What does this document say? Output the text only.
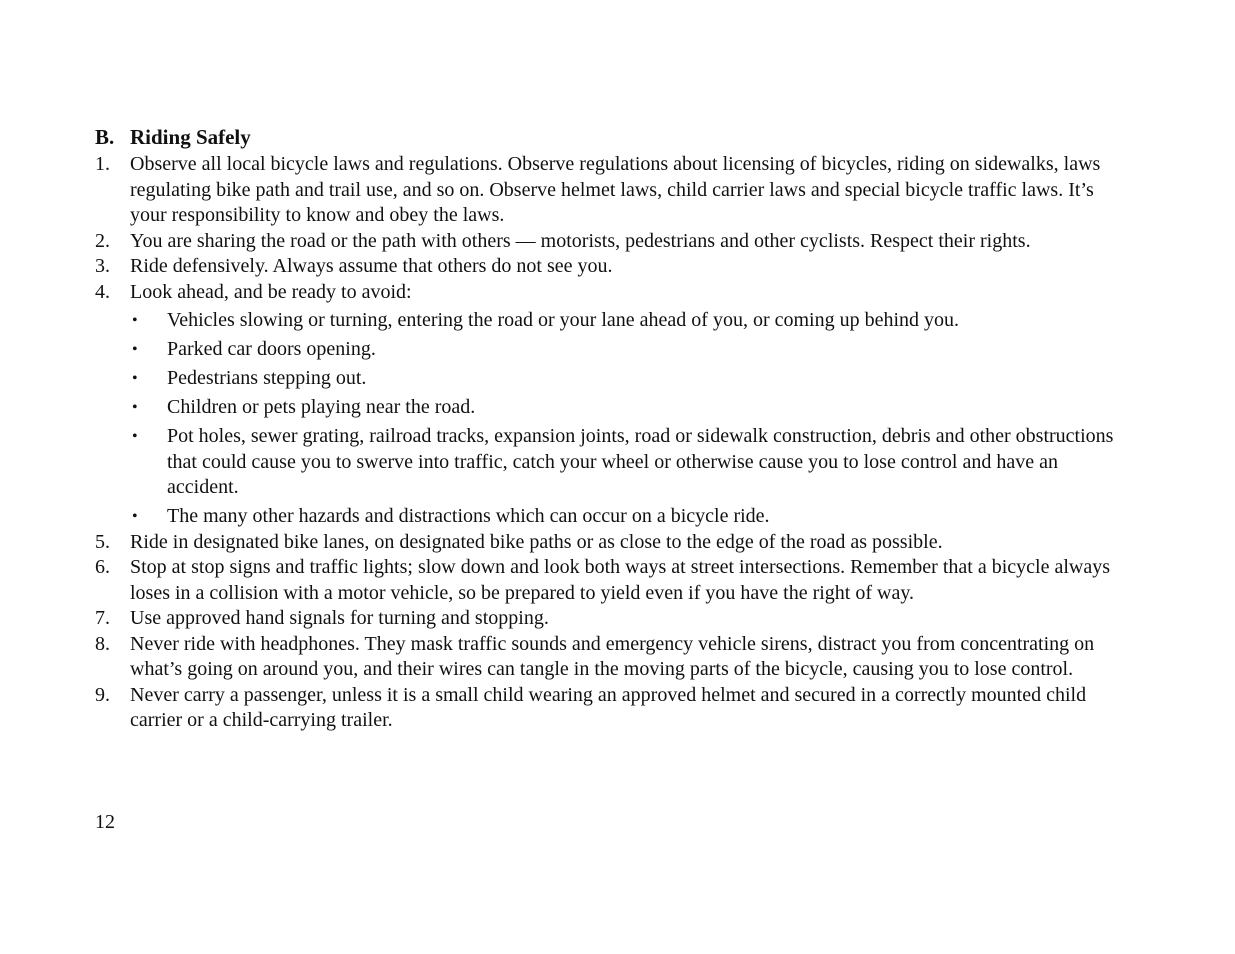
B. Riding Safely
1. Observe all local bicycle laws and regulations. Observe regulations about licensing of bicycles, riding on sidewalks, laws regulating bike path and trail use, and so on. Observe helmet laws, child carrier laws and special bicycle traffic laws. It’s your responsibility to know and obey the laws.
2. You are sharing the road or the path with others — motorists, pedestrians and other cyclists. Respect their rights.
3. Ride defensively. Always assume that others do not see you.
4. Look ahead, and be ready to avoid:
• Vehicles slowing or turning, entering the road or your lane ahead of you, or coming up behind you.
• Parked car doors opening.
• Pedestrians stepping out.
• Children or pets playing near the road.
• Pot holes, sewer grating, railroad tracks, expansion joints, road or sidewalk construction, debris and other obstructions that could cause you to swerve into traffic, catch your wheel or otherwise cause you to lose control and have an accident.
• The many other hazards and distractions which can occur on a bicycle ride.
5. Ride in designated bike lanes, on designated bike paths or as close to the edge of the road as possible.
6. Stop at stop signs and traffic lights; slow down and look both ways at street intersections. Remember that a bicycle always loses in a collision with a motor vehicle, so be prepared to yield even if you have the right of way.
7. Use approved hand signals for turning and stopping.
8. Never ride with headphones. They mask traffic sounds and emergency vehicle sirens, distract you from concentrating on what’s going on around you, and their wires can tangle in the moving parts of the bicycle, causing you to lose control.
9. Never carry a passenger, unless it is a small child wearing an approved helmet and secured in a correctly mounted child carrier or a child-carrying trailer.
12
